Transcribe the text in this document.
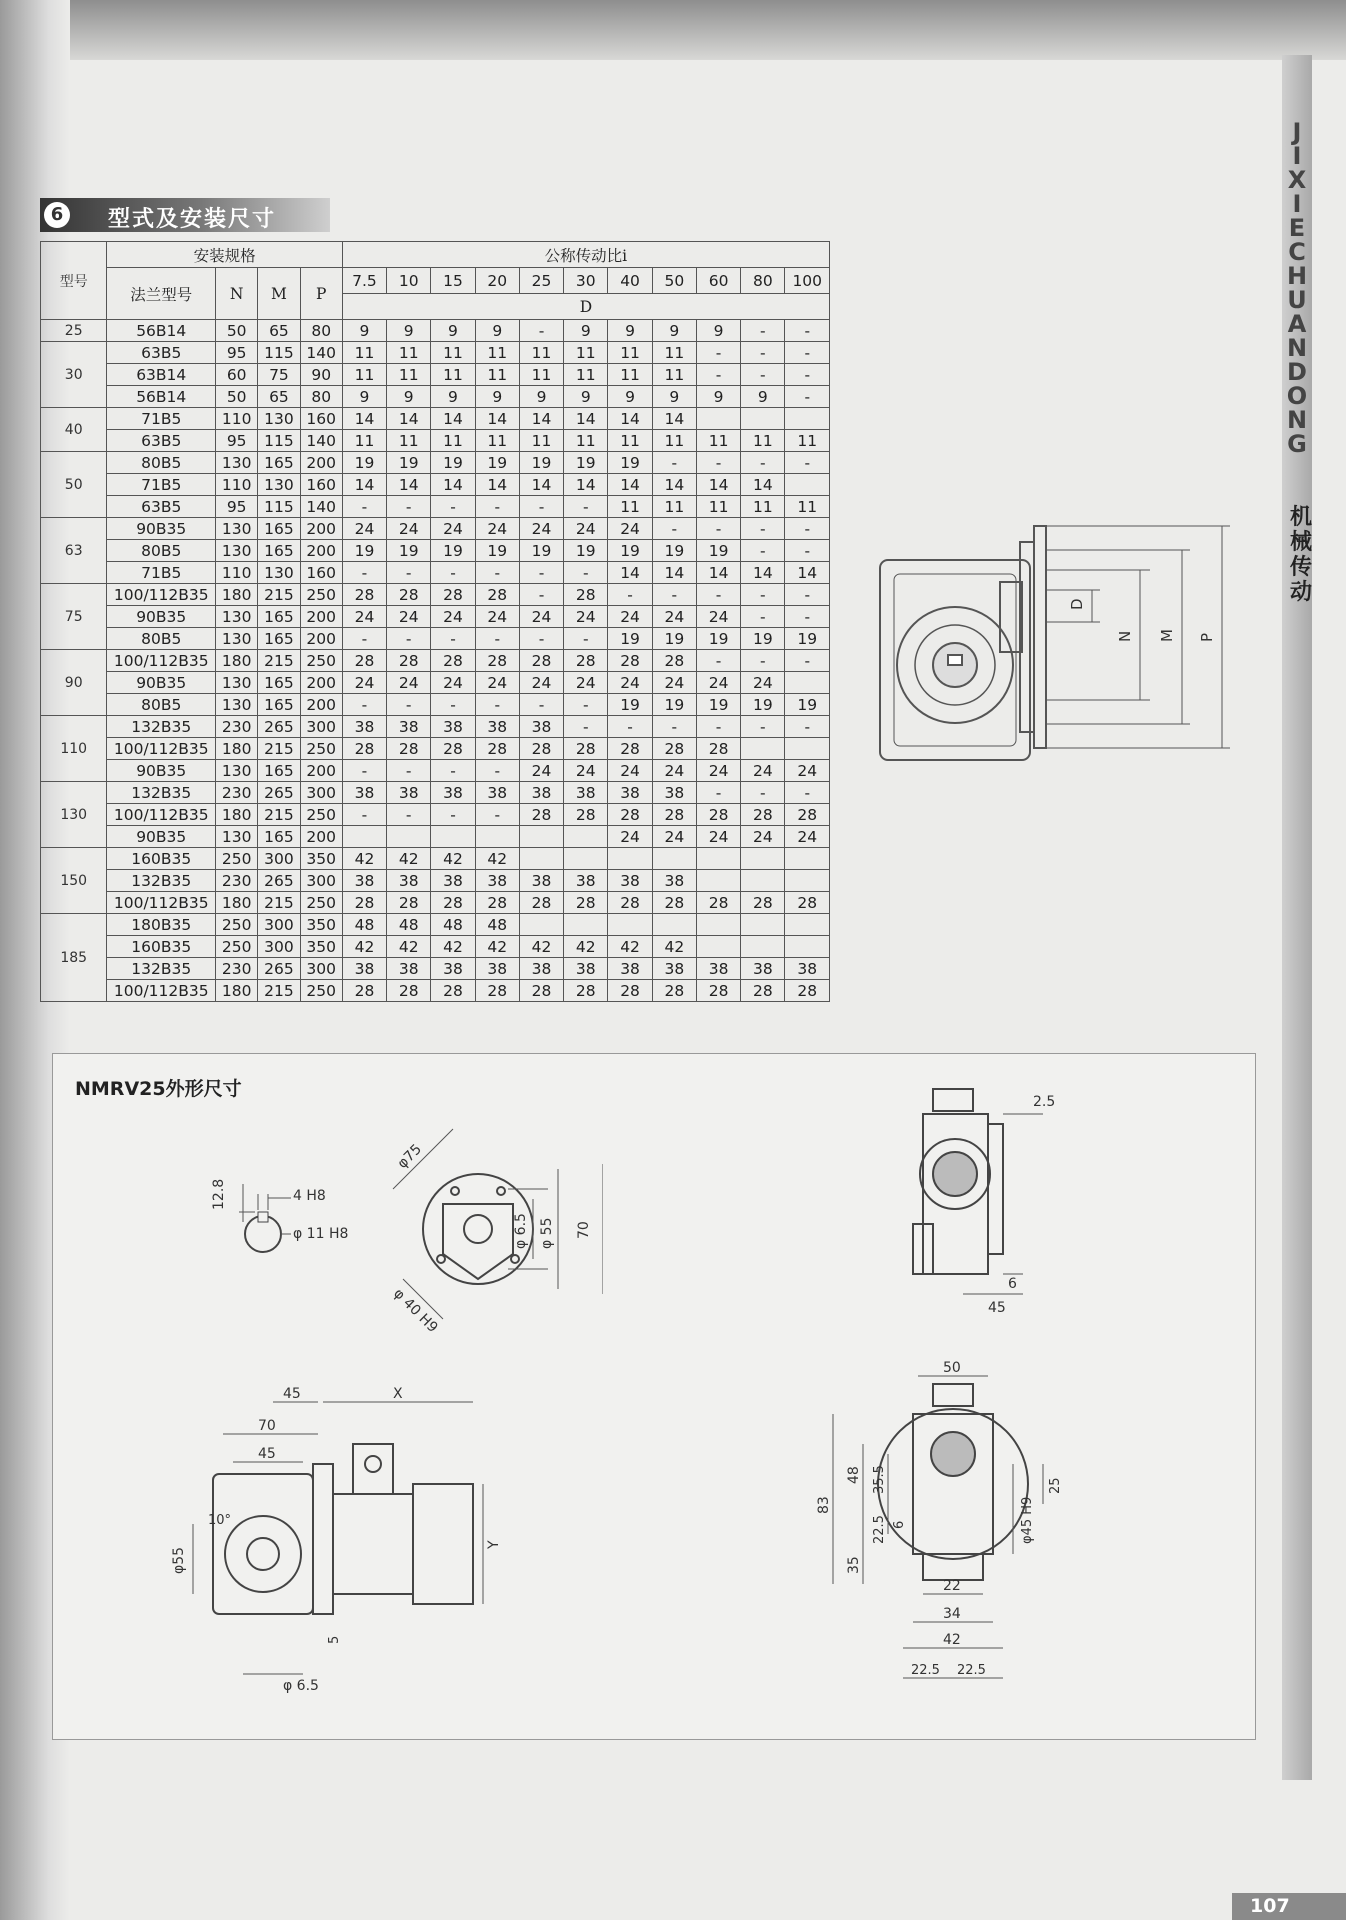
6	型式及安装尺寸
型号	安装规格				公称传动比i										
	法兰型号	N	M	P	7.5	10	15	20	25	30	40	50	60	80	100
					D										
25	56B14	50	65	80	9	9	9	9	-	9	9	9	9	-	-
30	63B5	95	115	140	11	11	11	11	11	11	11	11	-	-	-
	63B14	60	75	90	11	11	11	11	11	11	11	11	-	-	-
	56B14	50	65	80	9	9	9	9	9	9	9	9	9	9	-
40	71B5	110	130	160	14	14	14	14	14	14	14	14			
	63B5	95	115	140	11	11	11	11	11	11	11	11	11	11	11
50	80B5	130	165	200	19	19	19	19	19	19	19	-	-	-	-
	71B5	110	130	160	14	14	14	14	14	14	14	14	14	14	
	63B5	95	115	140	-	-	-	-	-	-	11	11	11	11	11
63	90B35	130	165	200	24	24	24	24	24	24	24	-	-	-	-
	80B5	130	165	200	19	19	19	19	19	19	19	19	19	-	-
	71B5	110	130	160	-	-	-	-	-	-	14	14	14	14	14
75	100/112B35	180	215	250	28	28	28	28	-	28	-	-	-	-	-
	90B35	130	165	200	24	24	24	24	24	24	24	24	24	-	-
	80B5	130	165	200	-	-	-	-	-	-	19	19	19	19	19
90	100/112B35	180	215	250	28	28	28	28	28	28	28	28	-	-	-
	90B35	130	165	200	24	24	24	24	24	24	24	24	24	24	
	80B5	130	165	200	-	-	-	-	-	-	19	19	19	19	19
110	132B35	230	265	300	38	38	38	38	38	-	-	-	-	-	-
	100/112B35	180	215	250	28	28	28	28	28	28	28	28	28		
	90B35	130	165	200	-	-	-	-	24	24	24	24	24	24	24
130	132B35	230	265	300	38	38	38	38	38	38	38	38	-	-	-
	100/112B35	180	215	250	-	-	-	-	28	28	28	28	28	28	28
	90B35	130	165	200							24	24	24	24	24
150	160B35	250	300	350	42	42	42	42							
	132B35	230	265	300	38	38	38	38	38	38	38	38			
	100/112B35	180	215	250	28	28	28	28	28	28	28	28	28	28	28
185	180B35	250	300	350	48	48	48	48							
	160B35	250	300	350	42	42	42	42	42	42	42	42			
	132B35	230	265	300	38	38	38	38	38	38	38	38	38	38	38
	100/112B35	180	215	250	28	28	28	28	28	28	28	28	28	28	28
D
N M P
J
I
X
I
E
C
H
U
A
N
D
O
N
G
机
械
传
动
NMRV25外形尺寸
12.8	4 H8
φ 11 H8
φ75
φ 6.5 φ 55 70
φ 40 H9
2.5
6
45
45	X
70
45
Y
φ55
10°
5
φ 6.5
50
83
48 35.5
22.5 6
35
φ45 H9
25
22
34
42
22.5 22.5
107
